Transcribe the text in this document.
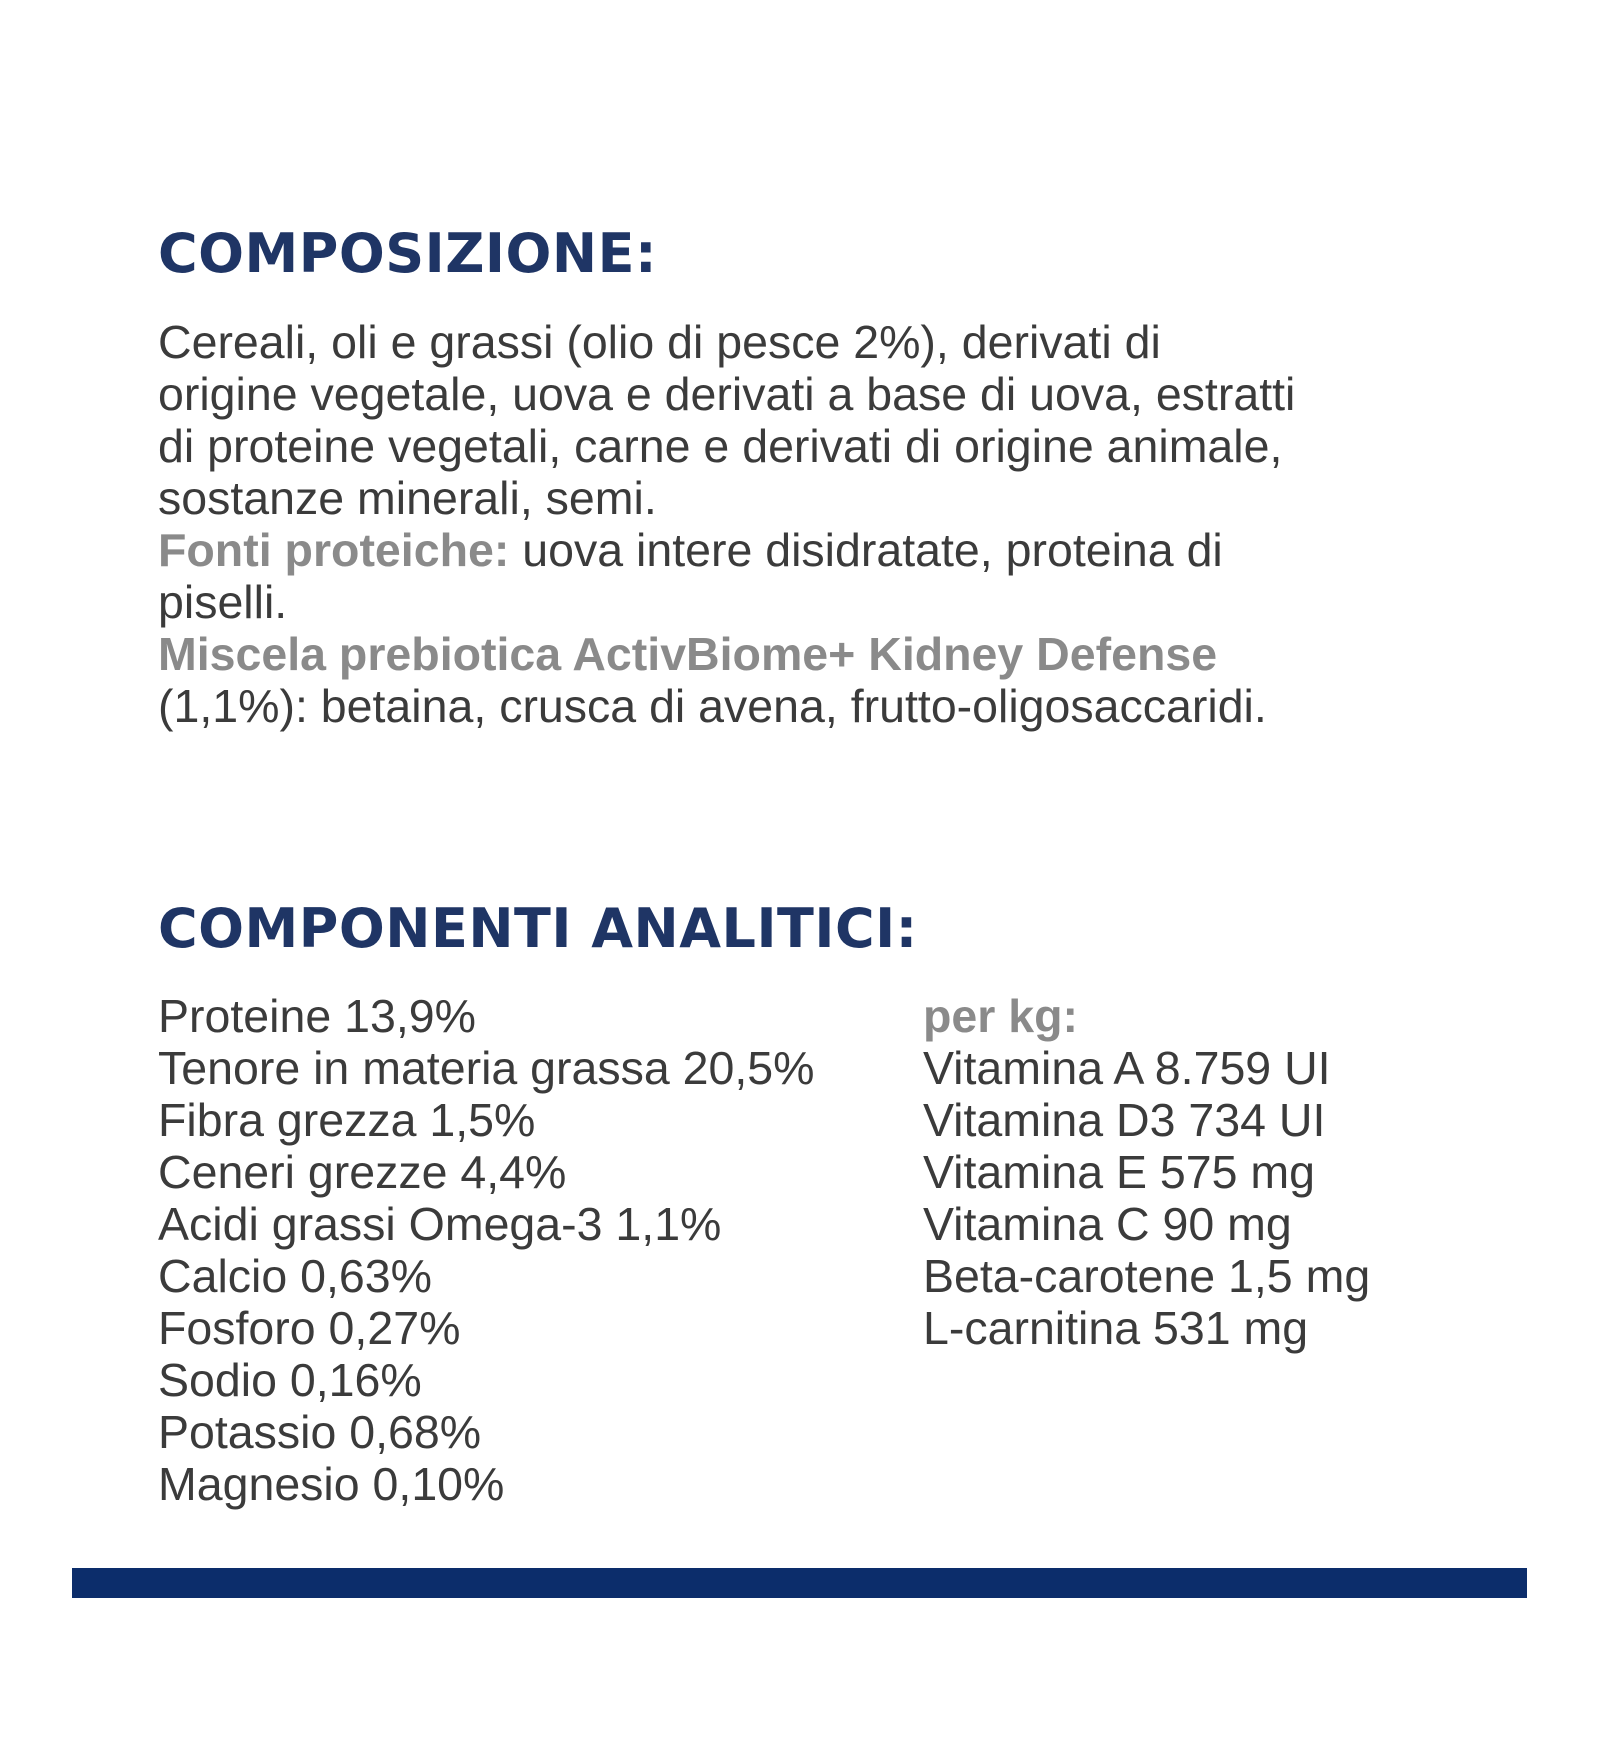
COMPOSIZIONE:

Cereali, oli e grassi (olio di pesce 2%), derivati di
origine vegetale, uova e derivati a base di uova, estratti
di proteine vegetali, carne e derivati di origine animale,
sostanze minerali, semi.
Fonti proteiche: uova intere disidratate, proteina di
piselli.
Miscela prebiotica ActivBiome+ Kidney Defense
(1,1%): betaina, crusca di avena, frutto-oligosaccaridi.

COMPONENTI ANALITICI:
Proteine 13,9%
Tenore in materia grassa 20,5%
Fibra grezza 1,5%
Ceneri grezze 4,4%
Acidi grassi Omega-3 1,1%
Calcio 0,63%
Fosforo 0,27%
Sodio 0,16%
Potassio 0,68%
Magnesio 0,10%
per kg:
Vitamina A 8.759 UI
Vitamina D3 734 UI
Vitamina E 575 mg
Vitamina C 90 mg
Beta-carotene 1,5 mg
L-carnitina 531 mg
